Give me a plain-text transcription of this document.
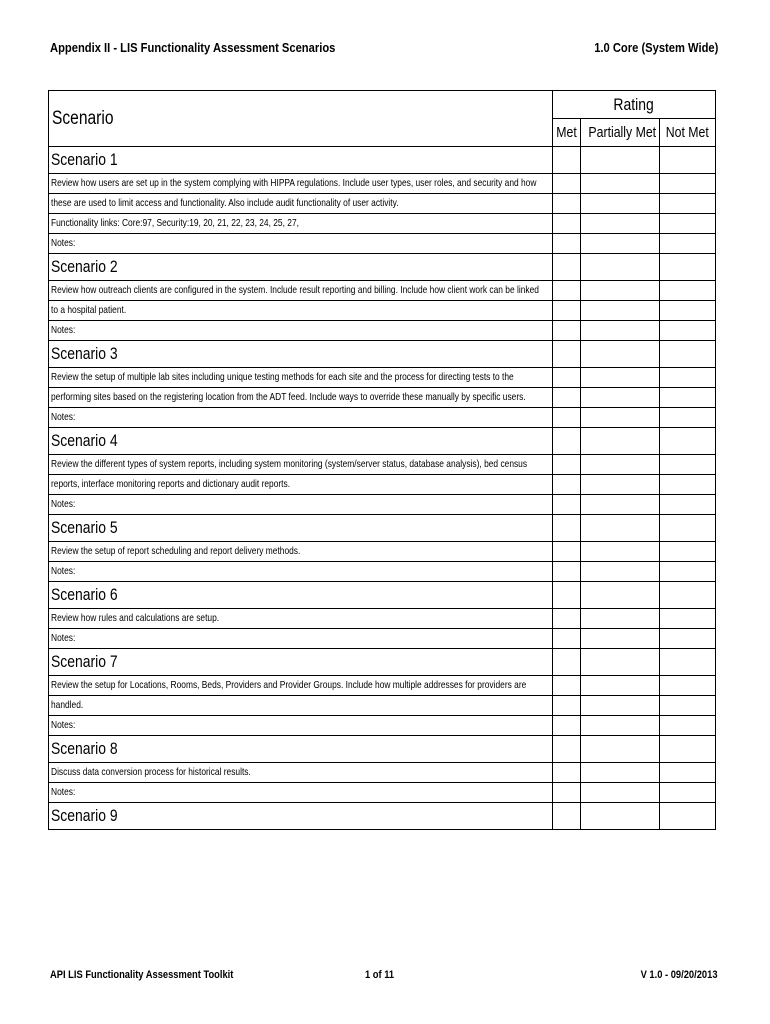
Appendix II - LIS Functionality Assessment Scenarios	1.0 Core (System Wide)
Scenario	Rating		
	Met	Partially Met	Not Met
Scenario 1			
Review how users are set up in the system complying with HIPPA regulations. Include user types, user roles, and security and how			
these are used to limit access and functionality. Also include audit functionality of user activity.			
Functionality links: Core:97, Security:19, 20, 21, 22, 23, 24, 25, 27,			
Notes:			
Scenario 2			
Review how outreach clients are configured in the system. Include result reporting and billing. Include how client work can be linked			
to a hospital patient.			
Notes:			
Scenario 3			
Review the setup of multiple lab sites including unique testing methods for each site and the process for directing tests to the			
performing sites based on the registering location from the ADT feed. Include ways to override these manually by specific users.			
Notes:			
Scenario 4			
Review the different types of system reports, including system monitoring (system/server status, database analysis), bed census			
reports, interface monitoring reports and dictionary audit reports.			
Notes:			
Scenario 5			
Review the setup of report scheduling and report delivery methods.			
Notes:			
Scenario 6			
Review how rules and calculations are setup.			
Notes:			
Scenario 7			
Review the setup for Locations, Rooms, Beds, Providers and Provider Groups. Include how multiple addresses for providers are			
handled.			
Notes:			
Scenario 8			
Discuss data conversion process for historical results.			
Notes:			
Scenario 9			
API LIS Functionality Assessment Toolkit	1 of 11	V 1.0 - 09/20/2013
